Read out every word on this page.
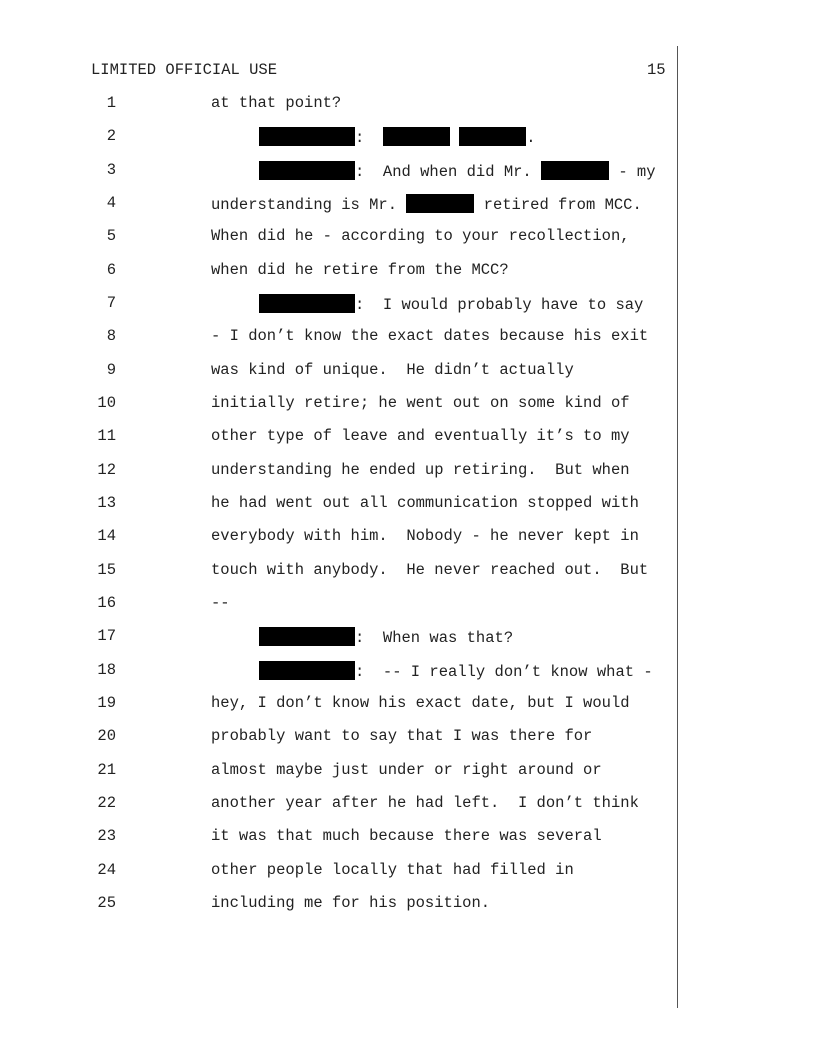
LIMITED OFFICIAL USE	15
1	at that point?
2	:	.
3	:  And when did Mr.	- my
4	understanding is Mr.	retired from MCC.
5	When did he - according to your recollection,
6	when did he retire from the MCC?
7	:  I would probably have to say
8	- I don’t know the exact dates because his exit
9	was kind of unique.  He didn’t actually
10	initially retire; he went out on some kind of
11	other type of leave and eventually it’s to my
12	understanding he ended up retiring.  But when
13	he had went out all communication stopped with
14	everybody with him.  Nobody - he never kept in
15	touch with anybody.  He never reached out.  But
16	--
17	:  When was that?
18	:  -- I really don’t know what -
19	hey, I don’t know his exact date, but I would
20	probably want to say that I was there for
21	almost maybe just under or right around or
22	another year after he had left.  I don’t think
23	it was that much because there was several
24	other people locally that had filled in
25	including me for his position.
